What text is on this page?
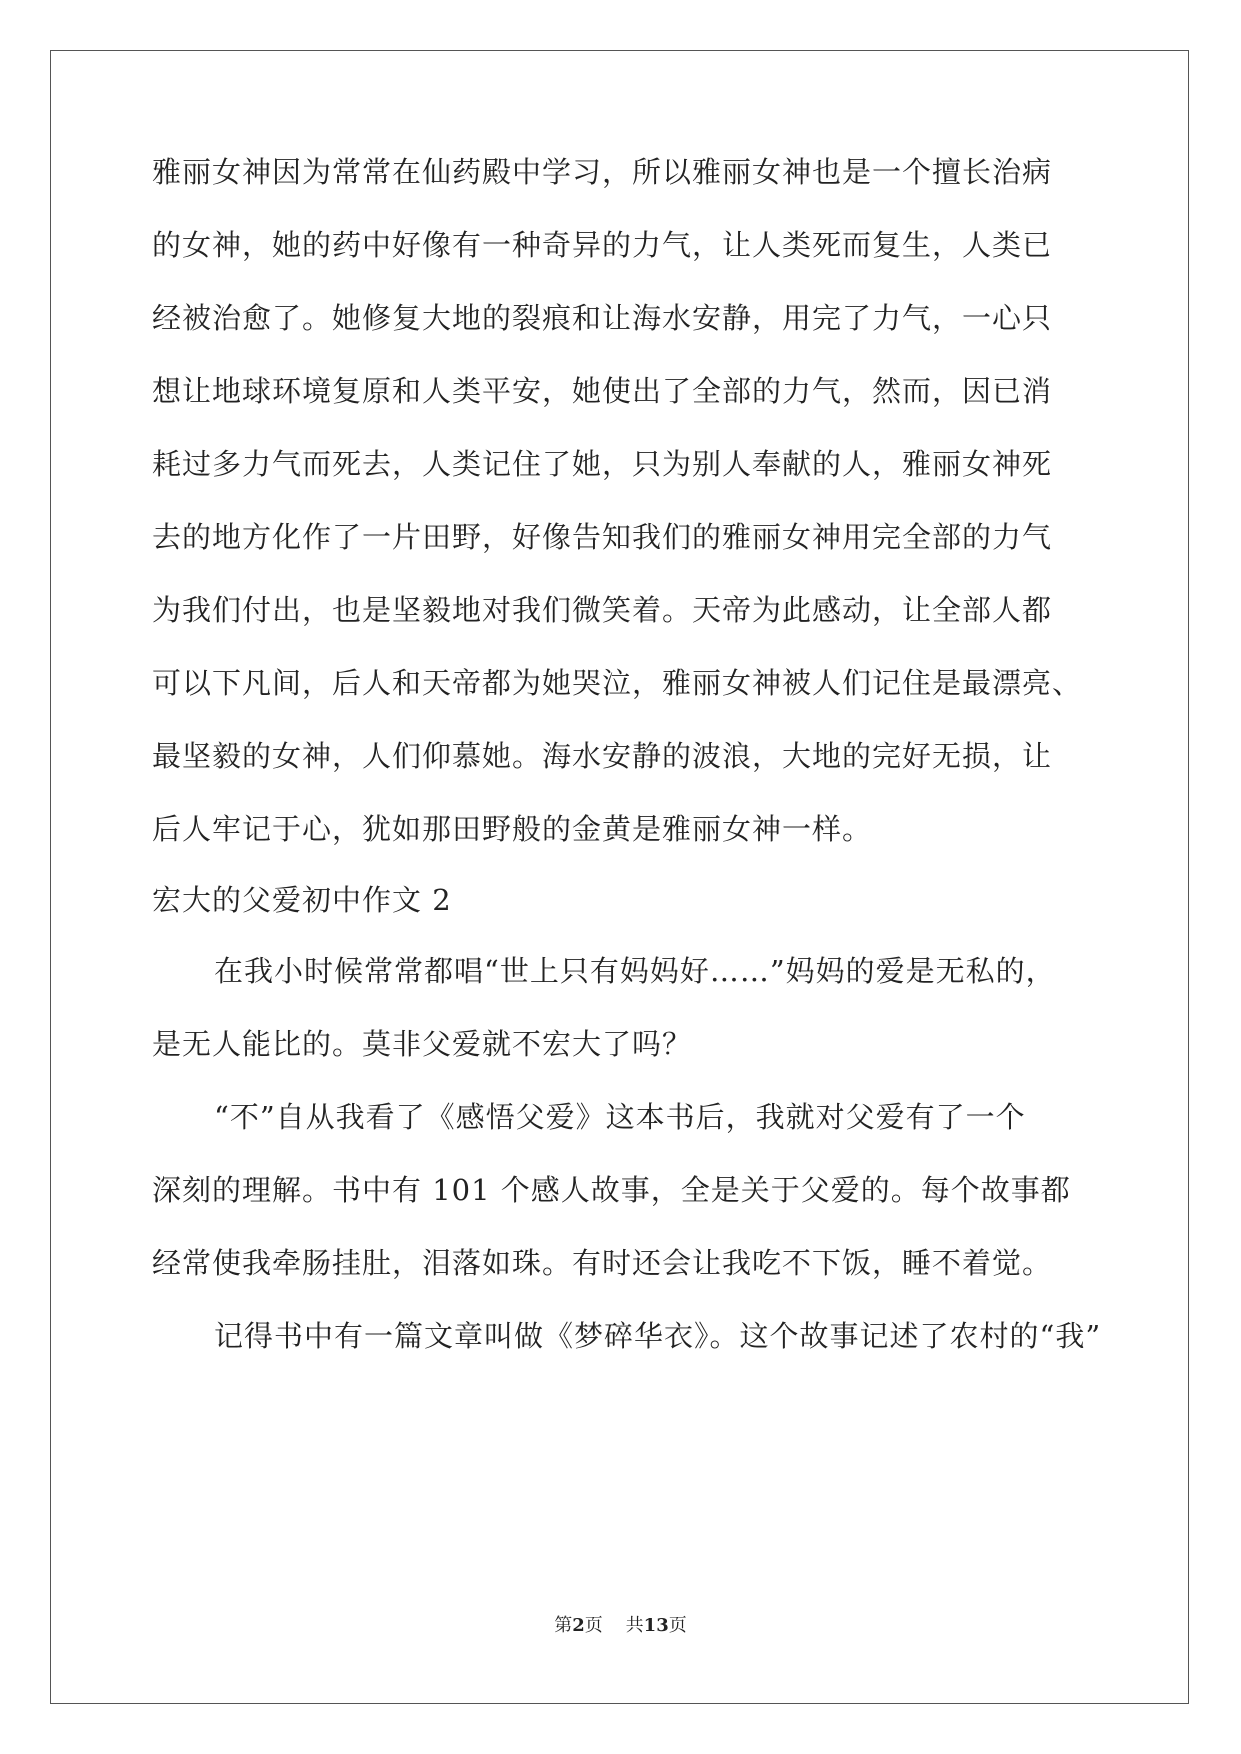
雅丽女神因为常常在仙药殿中学习，所以雅丽女神也是一个擅长治病
的女神，她的药中好像有一种奇异的力气，让人类死而复生，人类已
经被治愈了。她修复大地的裂痕和让海水安静，用完了力气，一心只
想让地球环境复原和人类平安，她使出了全部的力气，然而，因已消
耗过多力气而死去，人类记住了她，只为别人奉献的人，雅丽女神死
去的地方化作了一片田野，好像告知我们的雅丽女神用完全部的力气
为我们付出，也是坚毅地对我们微笑着。天帝为此感动，让全部人都
可以下凡间，后人和天帝都为她哭泣，雅丽女神被人们记住是最漂亮、
最坚毅的女神，人们仰慕她。海水安静的波浪，大地的完好无损，让
后人牢记于心，犹如那田野般的金黄是雅丽女神一样。
宏大的父爱初中作文 2
在我小时候常常都唱“世上只有妈妈好……”妈妈的爱是无私的，
是无人能比的。莫非父爱就不宏大了吗？
“不”自从我看了《感悟父爱》这本书后，我就对父爱有了一个
深刻的理解。书中有 101 个感人故事，全是关于父爱的。每个故事都
经常使我牵肠挂肚，泪落如珠。有时还会让我吃不下饭，睡不着觉。
记得书中有一篇文章叫做《梦碎华衣》。这个故事记述了农村的“我”
第2页 共13页
